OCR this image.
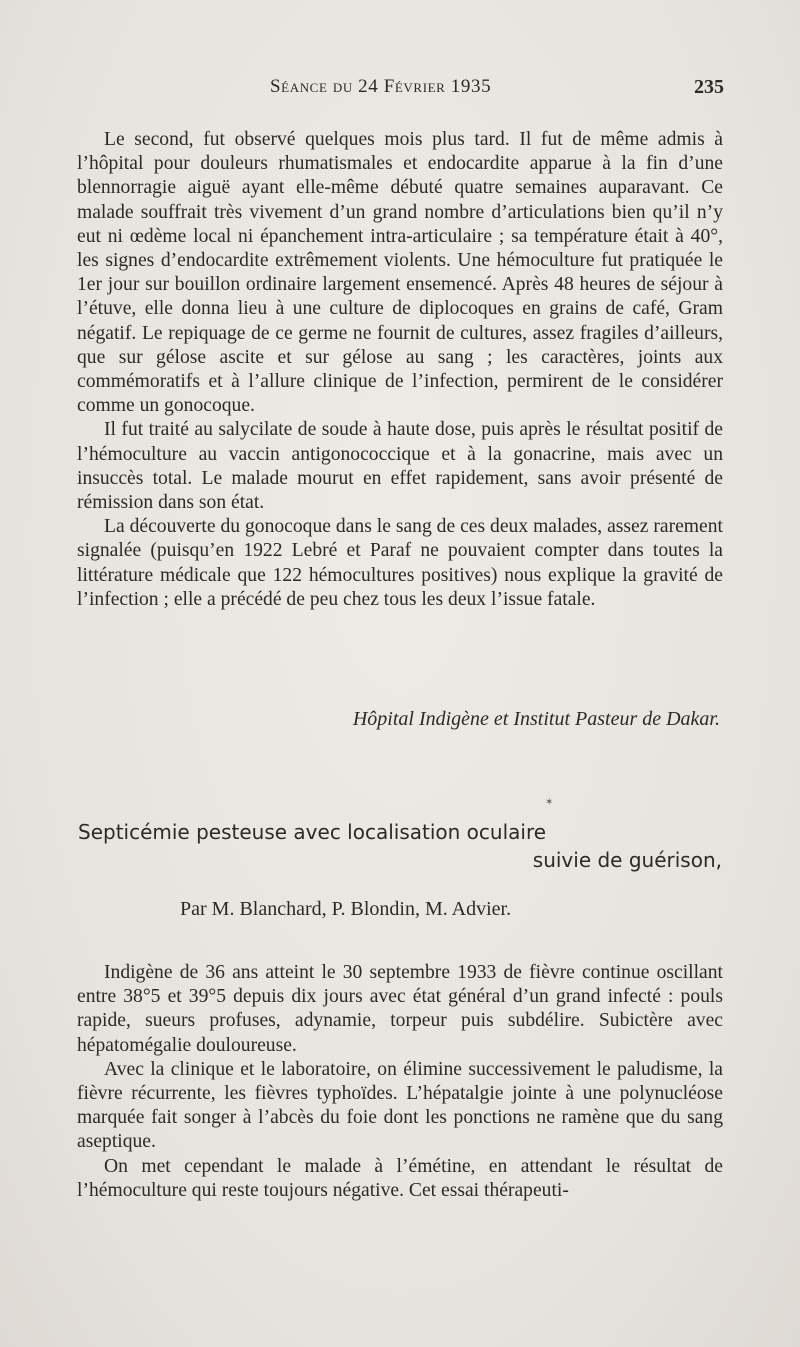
Séance du 24 Février 1935	235

Le second, fut observé quelques mois plus tard. Il fut de même admis à l’hôpital pour douleurs rhumatismales et endocardite apparue à la fin d’une blennorragie aiguë ayant elle-même débuté quatre semaines auparavant. Ce malade souffrait très vivement d’un grand nombre d’articulations bien qu’il n’y eut ni œdème local ni épanchement intra-articulaire ; sa température était à 40°, les signes d’endocardite extrêmement violents. Une hémoculture fut pratiquée le 1er jour sur bouillon ordinaire largement ensemencé. Après 48 heures de séjour à l’étuve, elle donna lieu à une culture de diplocoques en grains de café, Gram négatif. Le repiquage de ce germe ne fournit de cultures, assez fragiles d’ailleurs, que sur gélose ascite et sur gélose au sang ; les caractères, joints aux commémoratifs et à l’allure clinique de l’infection, permirent de le considérer comme un gonocoque.

Il fut traité au salycilate de soude à haute dose, puis après le résultat positif de l’hémoculture au vaccin antigonococcique et à la gonacrine, mais avec un insuccès total. Le malade mourut en effet rapidement, sans avoir présenté de rémission dans son état.

La découverte du gonocoque dans le sang de ces deux malades, assez rarement signalée (puisqu’en 1922 Lebré et Paraf ne pouvaient compter dans toutes la littérature médicale que 122 hémocultures positives) nous explique la gravité de l’infection ; elle a précédé de peu chez tous les deux l’issue fatale.

Hôpital Indigène et Institut Pasteur de Dakar.
✶
Septicémie pesteuse avec localisation oculaire
suivie de guérison,
Par M. Blanchard, P. Blondin, M. Advier.

Indigène de 36 ans atteint le 30 septembre 1933 de fièvre continue oscillant entre 38°5 et 39°5 depuis dix jours avec état général d’un grand infecté : pouls rapide, sueurs profuses, adynamie, torpeur puis subdélire. Subictère avec hépatomégalie douloureuse.

Avec la clinique et le laboratoire, on élimine successivement le paludisme, la fièvre récurrente, les fièvres typhoïdes. L’hépatalgie jointe à une polynucléose marquée fait songer à l’abcès du foie dont les ponctions ne ramène que du sang aseptique.

On met cependant le malade à l’émétine, en attendant le résultat de l’hémoculture qui reste toujours négative. Cet essai thérapeuti-
